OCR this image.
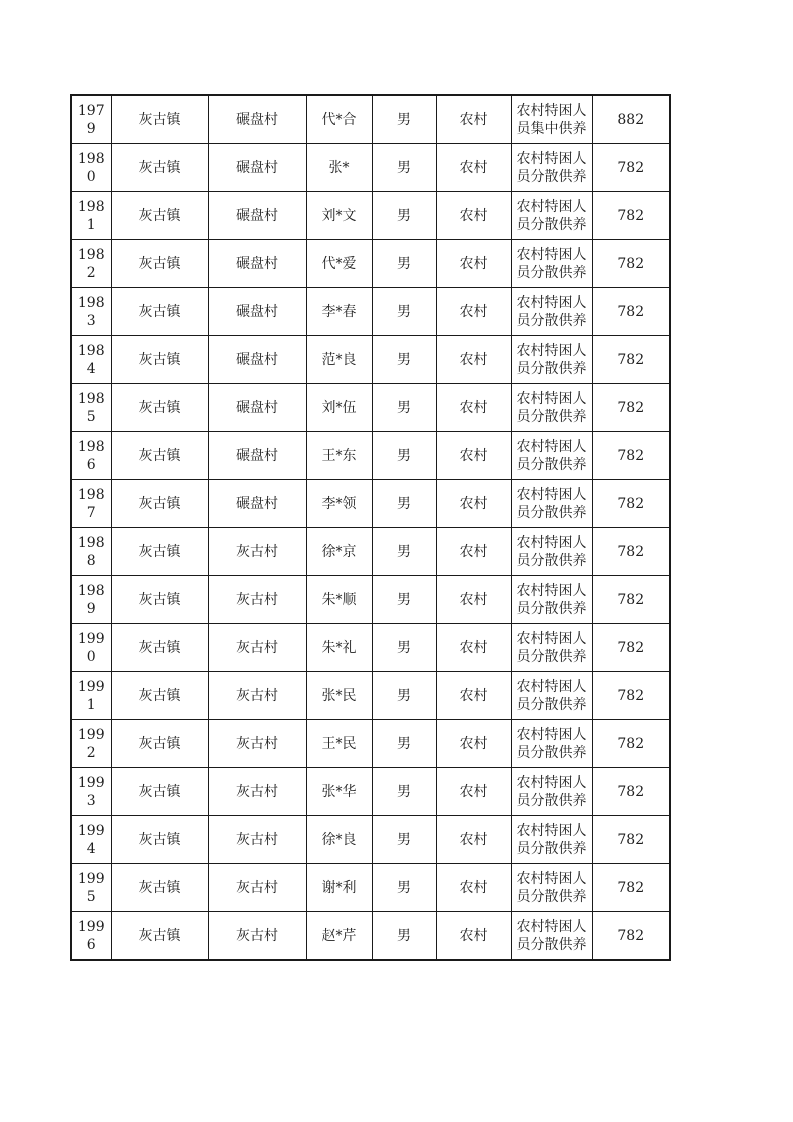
1979	灰古镇	碾盘村	代*合	男	农村	农村特困人员集中供养	882
1980	灰古镇	碾盘村	张*	男	农村	农村特困人员分散供养	782
1981	灰古镇	碾盘村	刘*文	男	农村	农村特困人员分散供养	782
1982	灰古镇	碾盘村	代*爱	男	农村	农村特困人员分散供养	782
1983	灰古镇	碾盘村	李*春	男	农村	农村特困人员分散供养	782
1984	灰古镇	碾盘村	范*良	男	农村	农村特困人员分散供养	782
1985	灰古镇	碾盘村	刘*伍	男	农村	农村特困人员分散供养	782
1986	灰古镇	碾盘村	王*东	男	农村	农村特困人员分散供养	782
1987	灰古镇	碾盘村	李*领	男	农村	农村特困人员分散供养	782
1988	灰古镇	灰古村	徐*京	男	农村	农村特困人员分散供养	782
1989	灰古镇	灰古村	朱*顺	男	农村	农村特困人员分散供养	782
1990	灰古镇	灰古村	朱*礼	男	农村	农村特困人员分散供养	782
1991	灰古镇	灰古村	张*民	男	农村	农村特困人员分散供养	782
1992	灰古镇	灰古村	王*民	男	农村	农村特困人员分散供养	782
1993	灰古镇	灰古村	张*华	男	农村	农村特困人员分散供养	782
1994	灰古镇	灰古村	徐*良	男	农村	农村特困人员分散供养	782
1995	灰古镇	灰古村	谢*利	男	农村	农村特困人员分散供养	782
1996	灰古镇	灰古村	赵*芹	男	农村	农村特困人员分散供养	782
